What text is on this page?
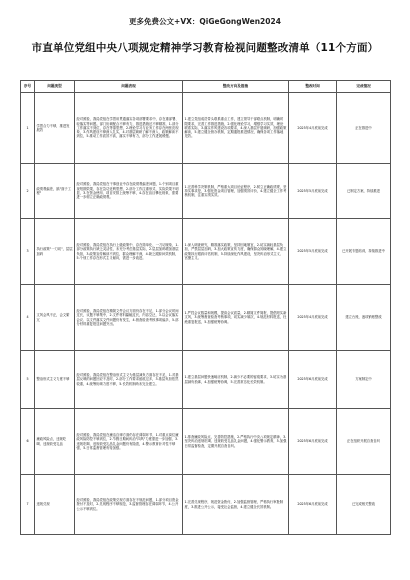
更多免费公文+VX：QiGeGongWen2024
市直单位党组中央八项规定精神学习教育检视问题整改清单（11个方面）
序号	问题类型	问题表现	整改方向及措施	整改时间	完成情况
1	学思合力不够，推进发展效	经对照检，我局党组在学思用贯通落实各项部署要求中，存在重部署、轻落实等问题。部门协调配合不够有力，推进措施还不够精准，1.部分工作落实不到位，存在等靠思想，2.理论学习与业务工作存在两张皮现象，3.作风建设不够深入扎实，4.对基层调研了解不深入，政策解读不到位，5.推动工作质效不高，落实不够有力，部分工作进展缓慢。	1.建立党组成员带头联系重点工作，建立领导干部联点机制，明确时限要求，完善工作推进措施，2.强化理论学习，增强学习实效，理论联系实际，3.落实作风建设各项要求，4.深入基层开展调研，加强政策解读，5.建立健全督办机制，定期通报推进情况，确保各项工作落地见效。	2025年4月底前完成	正在推进中
2	政绩观偏差，搞"面子工程"	经对照检，我局党组在干事创业中存在政绩观偏差问题，1.个别项目重视短期效果，存在急功近利思想，2.部分工作注重形式，实际效果不明显，3.在资金使用、项目安排上统筹不够，4.存在盲目攀比现象，需要进一步树立正确政绩观。	1.完善科学决策机制，严格重大项目论证程序，2.树立正确政绩观，坚持实事求是，3.强化资金项目管理，加强绩效评价，4.建立健全工作考核机制，注重实绩实效。	2025年5月底前完成	已制定方案，持续推进
3	执行政策"一刀切"，层层加码	经对照检，我局党组在执行上级政策中，存在简单化、一刀切现象，1.部分政策执行缺乏灵活性，未充分考虑基层实际，2.层层加码增加基层负担，3.政策宣传解读不到位，群众理解不深，4.缺乏跟踪问效机制，5.个别工作存在形式主义倾向，需进一步改进。	1.深入调查研究，精准落实政策，坚持因地制宜，2.切实减轻基层负担，严禁层层加码，3.加大政策宣传力度，确保群众知晓理解，4.建立政策执行跟踪评估机制，5.持续深化作风建设，坚决纠治形式主义、官僚主义。	2025年5月底前完成	已开展专题培训，持续推进中
4	文风会风不正，会文繁冗	经对照检，我局党组在精简文件会议方面仍存在不足，1.部分会议时间过长，议题不够集中，2.文件材料篇幅过长，内容空泛，3.以会议落实会议、以文件落实文件问题仍有发生，4.督查检查考核事项偏多，5.部分材料重复报送问题突出。	1.严控会议数量和规模，提高会议质量，2.精简文件简报，提倡短实新文风，3.统筹督查检查考核事项，切实减少频次，4.规范材料报送，杜绝重复报送，5.加强统筹协调。	2025年4月底前完成	建立台账，逐项销账整改
5	整治形式主义力度不够	经对照检，我局党组在整治形式主义为基层减负方面存在不足，1.对基层反映的问题回应不及时，2.部分工作要求留痕过多，3.基层负担依然较重，4.统筹协调力度不够，5.长效机制尚未完全建立。	1.建立基层问题快速响应机制，2.减少不必要的留痕要求，3.切实为基层减负松绑，4.加强统筹协调，5.完善常态化长效机制。	2025年6月底前完成	方案制定中
6	廉政风险点，违规吃喝、违规收受礼品	经对照检，我局党组在廉洁自律方面仍存在薄弱环节，1.对重点岗位廉政风险防控不够到位，2.节假日期间纠治"四风"力度需进一步加强，3.违规吃喝、违规收受礼品礼金问题仍有隐患，4.警示教育针对性不够强，5.日常监督管理有待加强。	1.排查廉政风险点，完善防控措施，2.严格执行中央八项规定精神，3.坚决纠治违规吃喝、违规收受礼品礼金问题，4.强化警示教育，5.加强日常监督检查，定期开展自查自纠。	2025年6月底前完成	正在组织开展自查自纠
7	违规兑现	经对照检，我局党组在政策兑现方面存在不规范问题，1.部分项目资金拨付不及时，2.兑现程序不够规范，3.监督管理存在薄弱环节，4.公开公示不够到位。	1.完善兑现程序，规范资金拨付，2.加强监督管理，严格执行审批制度，3.推进公开公示，接受社会监督，4.建立健全长效机制。	2025年6月底前完成	已完成相关整改
